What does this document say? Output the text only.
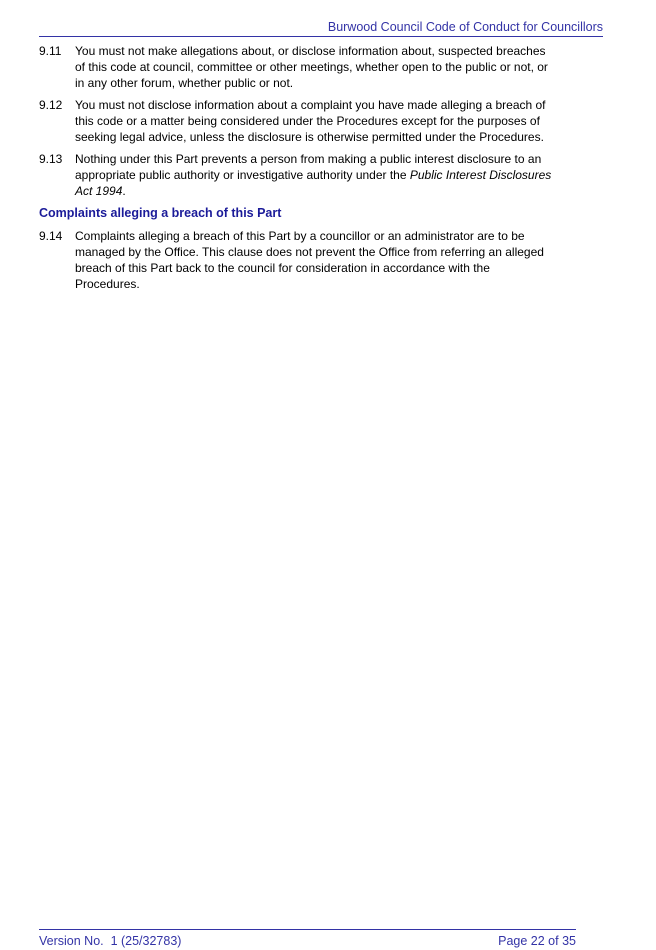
Burwood Council Code of Conduct for Councillors
9.11	You must not make allegations about, or disclose information about, suspected breaches
of this code at council, committee or other meetings, whether open to the public or not, or
in any other forum, whether public or not.
9.12	You must not disclose information about a complaint you have made alleging a breach of
this code or a matter being considered under the Procedures except for the purposes of
seeking legal advice, unless the disclosure is otherwise permitted under the Procedures.
9.13	Nothing under this Part prevents a person from making a public interest disclosure to an
appropriate public authority or investigative authority under the Public Interest Disclosures
Act 1994.
Complaints alleging a breach of this Part
9.14	Complaints alleging a breach of this Part by a councillor or an administrator are to be
managed by the Office. This clause does not prevent the Office from referring an alleged
breach of this Part back to the council for consideration in accordance with the
Procedures.
Version No.  1 (25/32783)	Page 22 of 35
